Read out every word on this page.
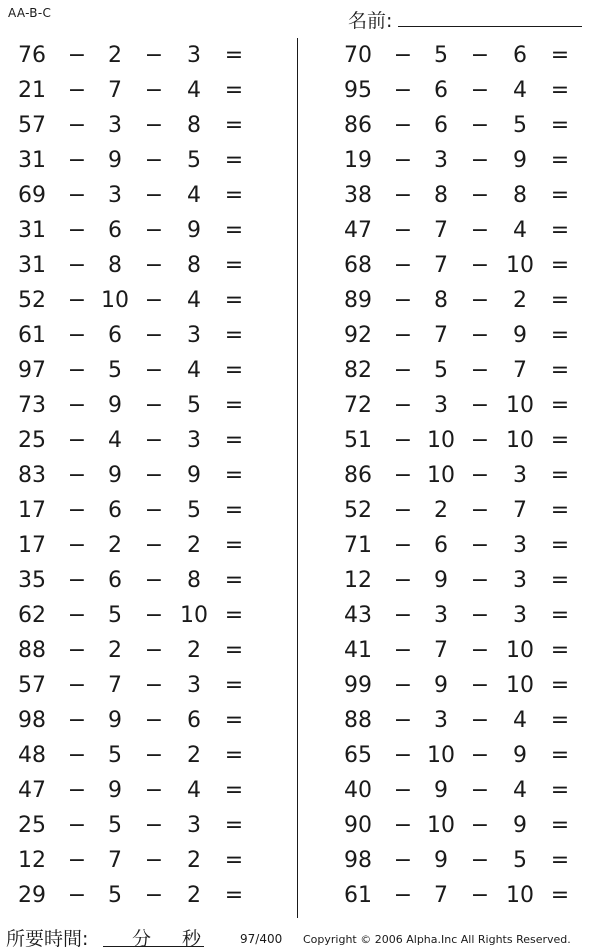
AA-B-C	名前:
76 − 2	−	3	=
21 − 7	−	4	=
57 − 3	−	8	=
31 − 9	−	5	=
69 − 3	−	4	=
31 − 6	−	9	=
31 − 8	−	8	=
52 − 10 −	4	=
61 − 6	−	3	=
97 − 5	−	4	=
73 − 9	−	5	=
25 − 4	−	3	=
83 − 9	−	9	=
17 − 6	−	5	=
17 − 2	−	2	=
35 − 6	−	8	=
62 − 5	− 10 =
88 − 2	−	2	=
57 − 7	−	3	=
98 − 9	−	6	=
48 − 5	−	2	=
47 − 9	−	4	=
25 − 5	−	3	=
12 − 7	−	2	=
29 − 5	−	2	=
70 − 5	−	6	=
95 − 6	−	4	=
86 − 6	−	5	=
19 − 3	−	9	=
38 − 8	−	8	=
47 − 7	−	4	=
68 − 7	− 10 =
89 − 8	−	2	=
92 − 7	−	9	=
82 − 5	−	7	=
72 − 3	− 10 =
51 − 10 − 10 =
86 − 10 −	3	=
52 − 2	−	7	=
71 − 6	−	3	=
12 − 9	−	3	=
43 − 3	−	3	=
41 − 7	− 10 =
99 − 9	− 10 =
88 − 3	−	4	=
65 − 10 −	9	=
40 − 9	−	4	=
90 − 10 −	9	=
98 − 9	−	5	=
61 − 7	− 10 =
所要時間: 分 秒	97/400 Copyright © 2006 Alpha.Inc All Rights Reserved.
